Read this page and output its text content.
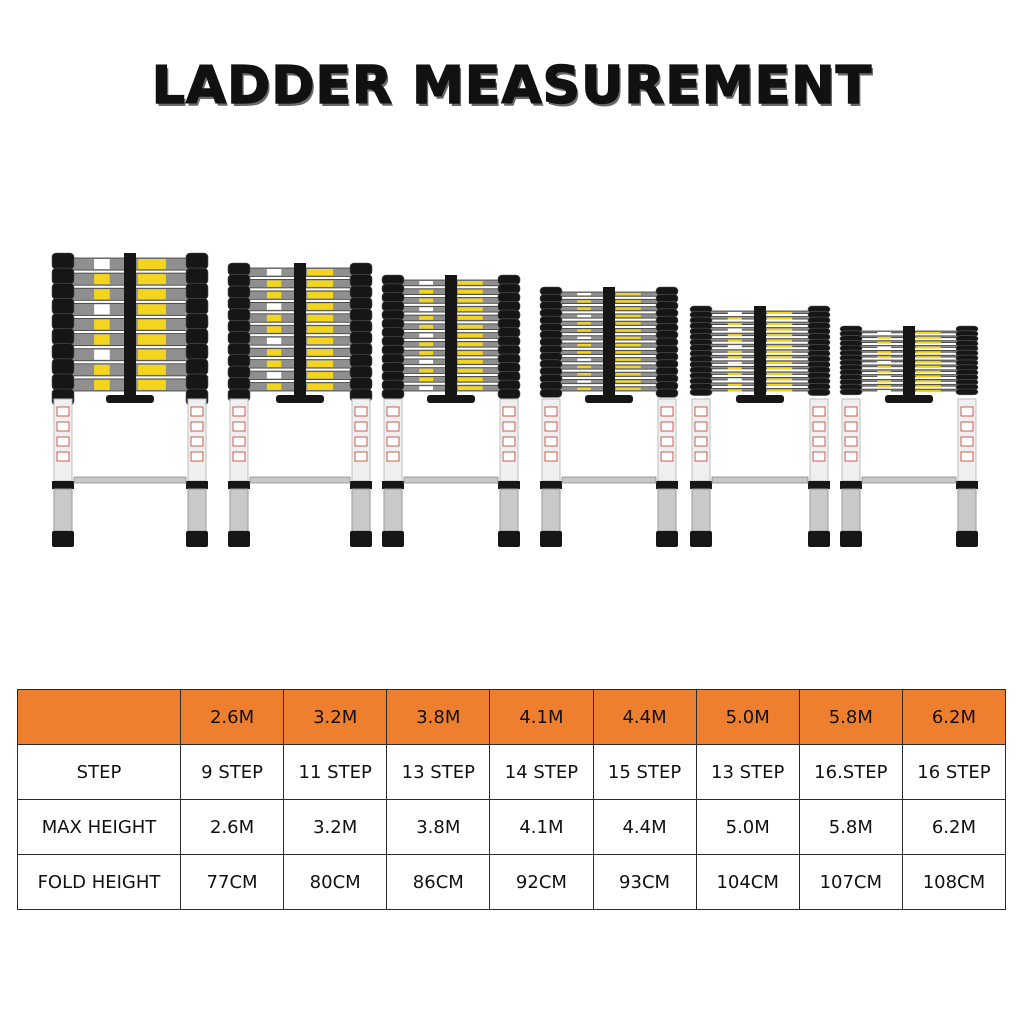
LADDER MEASUREMENT
	2.6M	3.2M	3.8M	4.1M	4.4M	5.0M	5.8M	6.2M
STEP	9 STEP	11 STEP	13 STEP	14 STEP	15 STEP	13 STEP	16.STEP	16 STEP
MAX HEIGHT	2.6M	3.2M	3.8M	4.1M	4.4M	5.0M	5.8M	6.2M
FOLD HEIGHT	77CM	80CM	86CM	92CM	93CM	104CM	107CM	108CM
